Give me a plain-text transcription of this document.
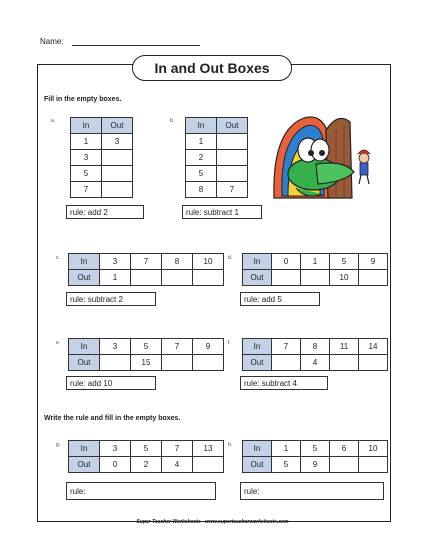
Name:
In and Out Boxes
Fill in the empty boxes.
a.	In	Out
1	3
3	
5	
7	
rule: add 2
b.	In	Out
1	
2	
5	
8	7
rule: subtract 1
c.	In	3	7	8	10
Out	1			
rule: subtract 2
d.	In	0	1	5	9
Out			10	
rule: add 5
e.	In	3	5	7	9
Out		15		
rule: add 10
f.	In	7	8	11	14
Out		4		
rule: subtract 4
Write the rule and fill in the empty boxes.
g.	In	3	5	7	13
Out	0	2	4	
rule:
h.	In	1	5	6	10
Out	5	9		
rule:
Super Teacher Worksheets - www.superteacherworksheets.com
